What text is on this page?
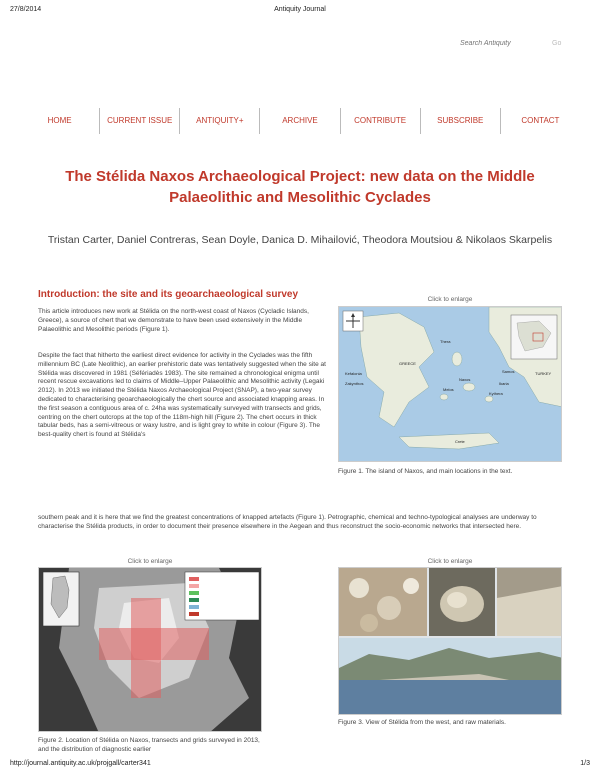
27/8/2014	Antiquity Journal
Search Antiquity
Go
HOME	CURRENT ISSUE	ANTIQUITY+	ARCHIVE	CONTRIBUTE	SUBSCRIBE	CONTACT
The Stélida Naxos Archaeological Project: new data on the Middle Palaeolithic and Mesolithic Cyclades
Tristan Carter, Daniel Contreras, Sean Doyle, Danica D. Mihailović, Theodora Moutsiou & Nikolaos Skarpelis
Introduction: the site and its geoarchaeological survey

This article introduces new work at Stélida on the north-west coast of Naxos (Cycladic Islands, Greece), a source of chert that we demonstrate to have been used extensively in the Middle Palaeolithic and Mesolithic periods (Figure 1).

Despite the fact that hitherto the earliest direct evidence for activity in the Cyclades was the fifth millennium BC (Late Neolithic), an earlier prehistoric date was tentatively suggested when the site at Stélida was discovered in 1981 (Séfériadès 1983). The site remained a chronological enigma until recent rescue excavations led to claims of Middle–Upper Palaeolithic and Mesolithic activity (Legaki 2012). In 2013 we initiated the Stélida Naxos Archaeological Project (SNAP), a two-year survey dedicated to characterising geoarchaeologically the chert source and associated knapping areas. In the first season a contiguous area of c. 24ha was systematically surveyed with transects and grids, centring on the chert outcrops at the top of the 118m-high hill (Figure 2). The chert occurs in thick tabular beds, has a semi-vitreous or waxy lustre, and is light grey to white in colour (Figure 3). The best-quality chert is found at Stélida's

southern peak and it is here that we find the greatest concentrations of knapped artefacts (Figure 1). Petrographic, chemical and techno-typological analyses are underway to characterise the Stélida products, in order to document their presence elsewhere in the Aegean and thus reconstruct the socio-economic networks that intersected here.

Click to enlarge
Thera
Naxos
Kefalonia
Zakynthos
Melos
Kythera
Crete
Samos
Ikaria
TURKEY
GREECE
Figure 1. The island of Naxos, and main locations in the text.
Click to enlarge
Figure 2. Location of Stélida on Naxos, transects and grids surveyed in 2013, and the distribution of diagnostic earlier
Click to enlarge
Figure 3. View of Stélida from the west, and raw materials.
http://journal.antiquity.ac.uk/projgall/carter341	1/3
